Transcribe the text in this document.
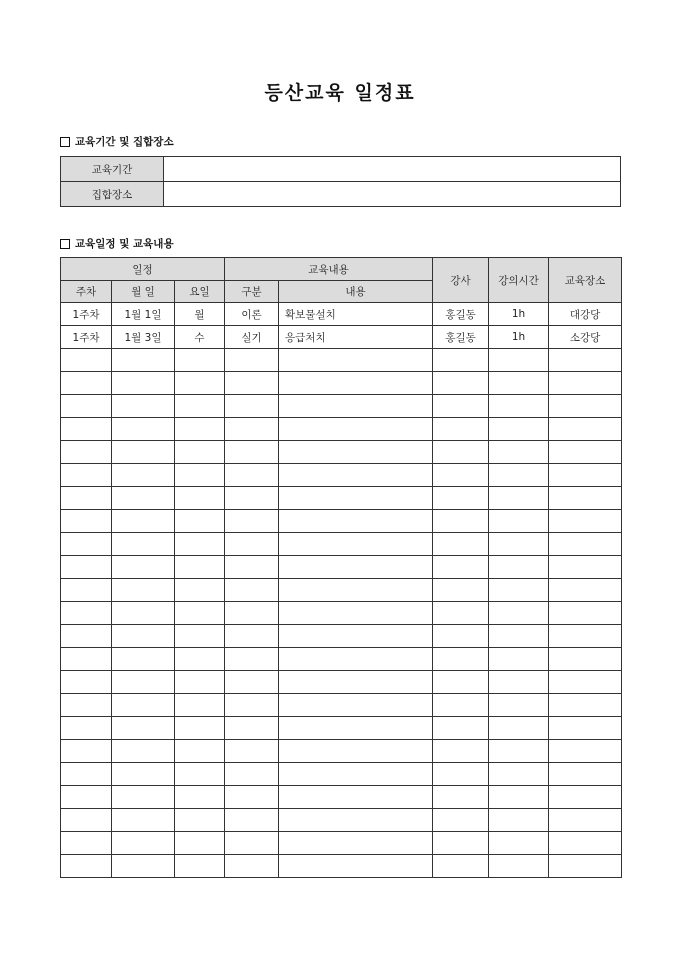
등산교육 일정표
교육기간 및 집합장소
교육기간	
집합장소	
교육일정 및 교육내용
일정			교육내용		강사	강의시간	교육장소
주차	월 일	요일	구분	내용			
1주차	1월 1일	월	이론	확보물설치	홍길동	1h	대강당
1주차	1월 3일	수	실기	응급처치	홍길동	1h	소강당
